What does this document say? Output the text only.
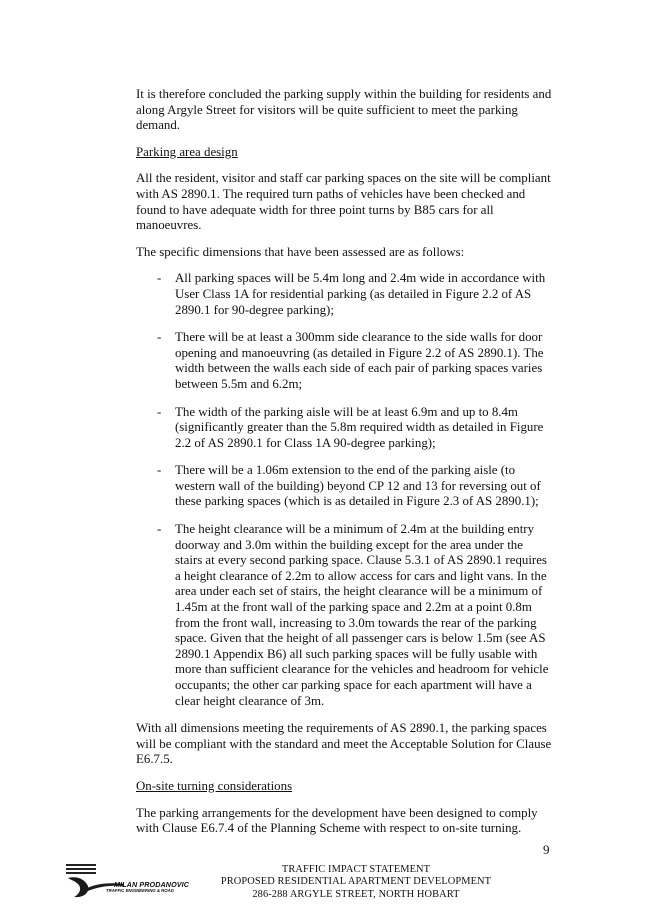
It is therefore concluded the parking supply within the building for residents and along Argyle Street for visitors will be quite sufficient to meet the parking demand.

Parking area design

All the resident, visitor and staff car parking spaces on the site will be compliant with AS 2890.1. The required turn paths of vehicles have been checked and found to have adequate width for three point turns by B85 cars for all manoeuvres.

The specific dimensions that have been assessed are as follows:

- All parking spaces will be 5.4m long and 2.4m wide in accordance with User Class 1A for residential parking (as detailed in Figure 2.2 of AS 2890.1 for 90-degree parking);
- There will be at least a 300mm side clearance to the side walls for door opening and manoeuvring (as detailed in Figure 2.2 of AS 2890.1). The width between the walls each side of each pair of parking spaces varies between 5.5m and 6.2m;
- The width of the parking aisle will be at least 6.9m and up to 8.4m (significantly greater than the 5.8m required width as detailed in Figure 2.2 of AS 2890.1 for Class 1A 90-degree parking);
- There will be a 1.06m extension to the end of the parking aisle (to western wall of the building) beyond CP 12 and 13 for reversing out of these parking spaces (which is as detailed in Figure 2.3 of AS 2890.1);
- The height clearance will be a minimum of 2.4m at the building entry doorway and 3.0m within the building except for the area under the stairs at every second parking space. Clause 5.3.1 of AS 2890.1 requires a height clearance of 2.2m to allow access for cars and light vans. In the area under each set of stairs, the height clearance will be a minimum of 1.45m at the front wall of the parking space and 2.2m at a point 0.8m from the front wall, increasing to 3.0m towards the rear of the parking space. Given that the height of all passenger cars is below 1.5m (see AS 2890.1 Appendix B6) all such parking spaces will be fully usable with more than sufficient clearance for the vehicles and headroom for vehicle occupants; the other car parking space for each apartment will have a clear height clearance of 3m.

With all dimensions meeting the requirements of AS 2890.1, the parking spaces will be compliant with the standard and meet the Acceptable Solution for Clause E6.7.5.

On-site turning considerations

The parking arrangements for the development have been designed to comply with Clause E6.7.4 of the Planning Scheme with respect to on-site turning.

9
MILAN PRODANOVIC
TRAFFIC ENGINEERING & ROAD
TRAFFIC IMPACT STATEMENT
PROPOSED RESIDENTIAL APARTMENT DEVELOPMENT
286-288 ARGYLE STREET, NORTH HOBART
